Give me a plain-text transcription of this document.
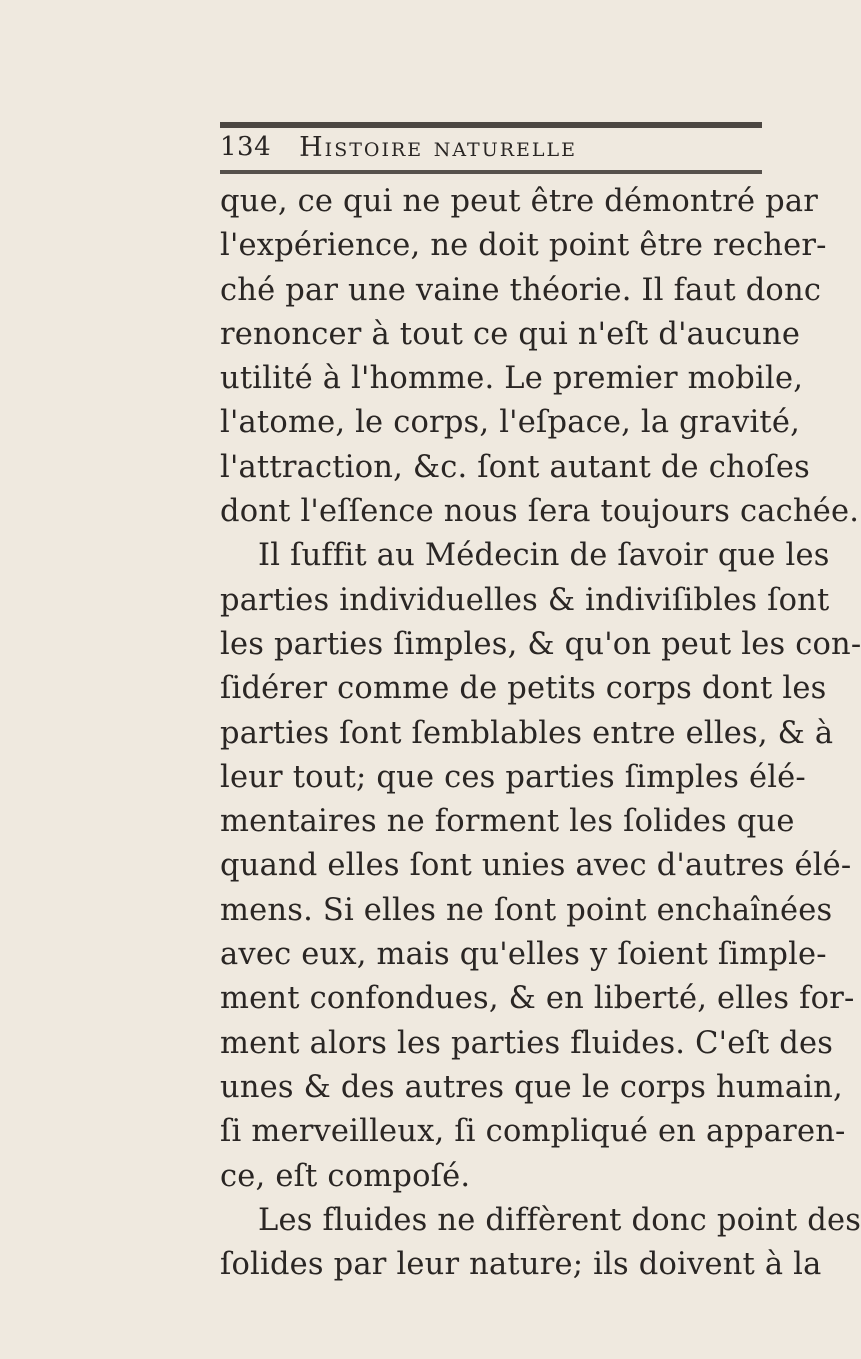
134 Histoire naturelle
que, ce qui ne peut être démontré par
l'expérience, ne doit point être recher-
ché par une vaine théorie. Il faut donc
renoncer à tout ce qui n'eſt d'aucune
utilité à l'homme. Le premier mobile,
l'atome, le corps, l'eſpace, la gravité,
l'attraction, &c. ſont autant de choſes
dont l'eſſence nous ſera toujours cachée.
Il ſuffit au Médecin de ſavoir que les
parties individuelles & indiviſibles ſont
les parties ſimples, & qu'on peut les con-
ſidérer comme de petits corps dont les
parties ſont ſemblables entre elles, & à
leur tout; que ces parties ſimples élé-
mentaires ne forment les ſolides que
quand elles ſont unies avec d'autres élé-
mens. Si elles ne ſont point enchaînées
avec eux, mais qu'elles y ſoient ſimple-
ment confondues, & en liberté, elles for-
ment alors les parties fluides. C'eſt des
unes & des autres que le corps humain,
ſi merveilleux, ſi compliqué en apparen-
ce, eſt compoſé.
Les fluides ne diffèrent donc point des
ſolides par leur nature; ils doivent à la
